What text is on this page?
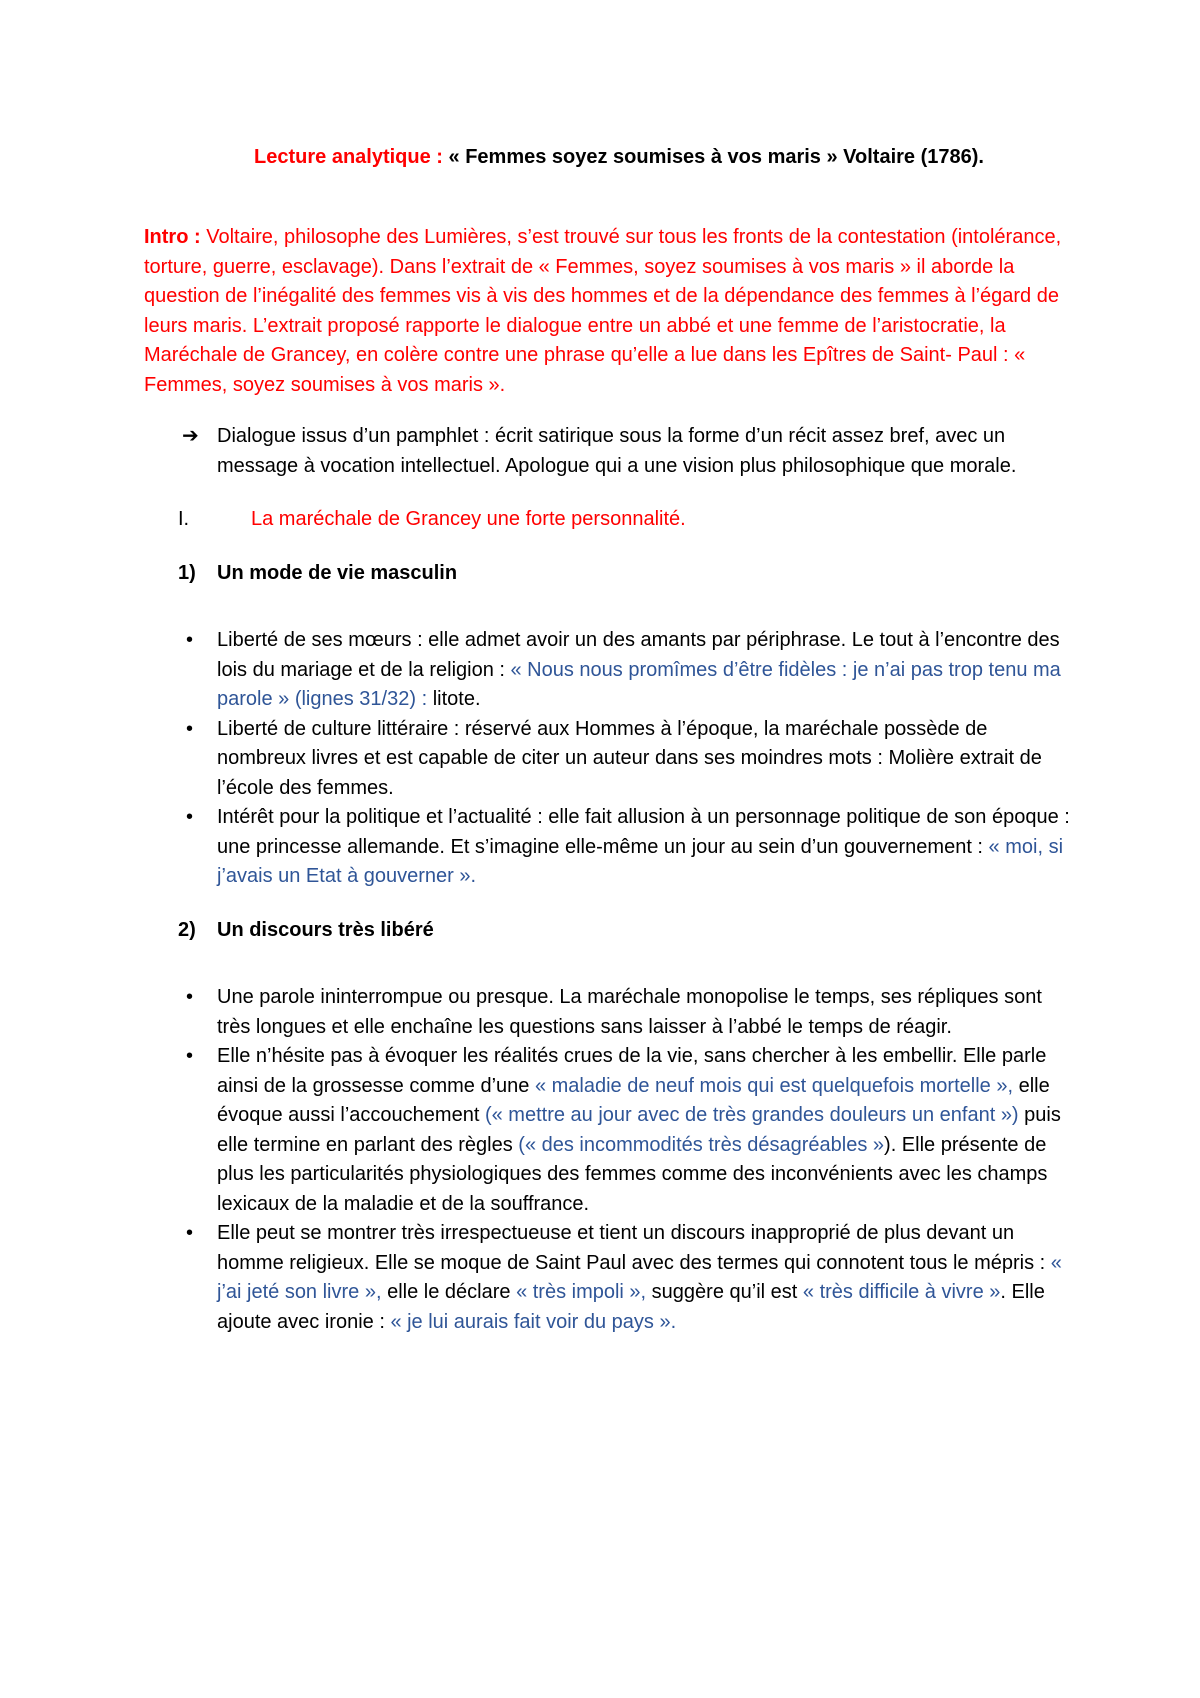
Lecture analytique : « Femmes soyez soumises à vos maris » Voltaire (1786).

Intro : Voltaire, philosophe des Lumières, s’est trouvé sur tous les fronts de la contestation (intolérance, torture, guerre, esclavage). Dans l’extrait de « Femmes, soyez soumises à vos maris » il aborde la question de l’inégalité des femmes vis à vis des hommes et de la dépendance des femmes à l’égard de leurs maris. L’extrait proposé rapporte le dialogue entre un abbé et une femme de l’aristocratie, la Maréchale de Grancey, en colère contre une phrase qu’elle a lue dans les Epîtres de Saint- Paul : « Femmes, soyez soumises à vos maris ».

➔ Dialogue issus d’un pamphlet : écrit satirique sous la forme d’un récit assez bref, avec un message à vocation intellectuel. Apologue qui a une vision plus philosophique que morale.

I.	La maréchale de Grancey une forte personnalité.

1) Un mode de vie masculin

• Liberté de ses mœurs : elle admet avoir un des amants par périphrase. Le tout à l’encontre des lois du mariage et de la religion : « Nous nous promîmes d’être fidèles : je n’ai pas trop tenu ma parole » (lignes 31/32) : litote.
• Liberté de culture littéraire : réservé aux Hommes à l’époque, la maréchale possède de nombreux livres et est capable de citer un auteur dans ses moindres mots : Molière extrait de l’école des femmes.
• Intérêt pour la politique et l’actualité : elle fait allusion à un personnage politique de son époque : une princesse allemande. Et s’imagine elle-même un jour au sein d’un gouvernement : « moi, si j’avais un Etat à gouverner ».

2) Un discours très libéré

• Une parole ininterrompue ou presque. La maréchale monopolise le temps, ses répliques sont très longues et elle enchaîne les questions sans laisser à l’abbé le temps de réagir.
• Elle n’hésite pas à évoquer les réalités crues de la vie, sans chercher à les embellir. Elle parle ainsi de la grossesse comme d’une « maladie de neuf mois qui est quelquefois mortelle », elle évoque aussi l’accouchement (« mettre au jour avec de très grandes douleurs un enfant ») puis elle termine en parlant des règles (« des incommodités très désagréables »). Elle présente de plus les particularités physiologiques des femmes comme des inconvénients avec les champs lexicaux de la maladie et de la souffrance.
• Elle peut se montrer très irrespectueuse et tient un discours inapproprié de plus devant un homme religieux. Elle se moque de Saint Paul avec des termes qui connotent tous le mépris : « j’ai jeté son livre », elle le déclare « très impoli », suggère qu’il est « très difficile à vivre ». Elle ajoute avec ironie : « je lui aurais fait voir du pays ».
